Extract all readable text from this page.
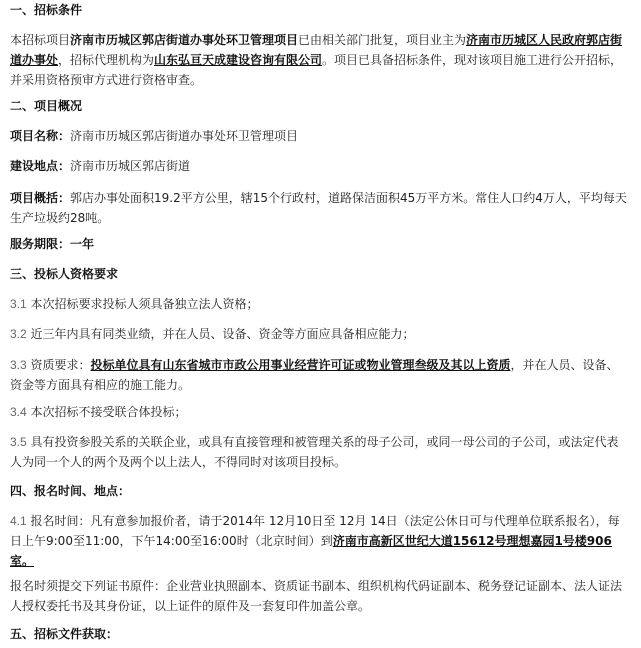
一、招标条件

本招标项目济南市历城区郭店街道办事处环卫管理项目已由相关部门批复，项目业主为济南市历城区人民政府郭店街道办事处，招标代理机构为山东弘亘天成建设咨询有限公司。项目已具备招标条件，现对该项目施工进行公开招标，并采用资格预审方式进行资格审查。

二、项目概况

项目名称：济南市历城区郭店街道办事处环卫管理项目

建设地点：济南市历城区郭店街道

项目概括：郭店办事处面积19.2平方公里，辖15个行政村，道路保洁面积45万平方米。常住人口约4万人，平均每天生产垃圾约28吨。

服务期限：一年

三、投标人资格要求

3.1 本次招标要求投标人须具备独立法人资格；

3.2 近三年内具有同类业绩，并在人员、设备、资金等方面应具备相应能力；

3.3 资质要求：投标单位具有山东省城市市政公用事业经营许可证或物业管理叁级及其以上资质，并在人员、设备、资金等方面具有相应的施工能力。

3.4 本次招标不接受联合体投标；

3.5 具有投资参股关系的关联企业，或具有直接管理和被管理关系的母子公司，或同一母公司的子公司，或法定代表人为同一个人的两个及两个以上法人，不得同时对该项目投标。

四、报名时间、地点：

4.1 报名时间：凡有意参加报价者，请于2014年 12月10日至 12月 14日（法定公休日可与代理单位联系报名），每日上午9:00至11:00，下午14:00至16:00时（北京时间）到济南市高新区世纪大道15612号理想嘉园1号楼906室。

报名时须提交下列证书原件：企业营业执照副本、资质证书副本、组织机构代码证副本、税务登记证副本、法人证法人授权委托书及其身份证，以上证件的原件及一套复印件加盖公章。

五、招标文件获取：
